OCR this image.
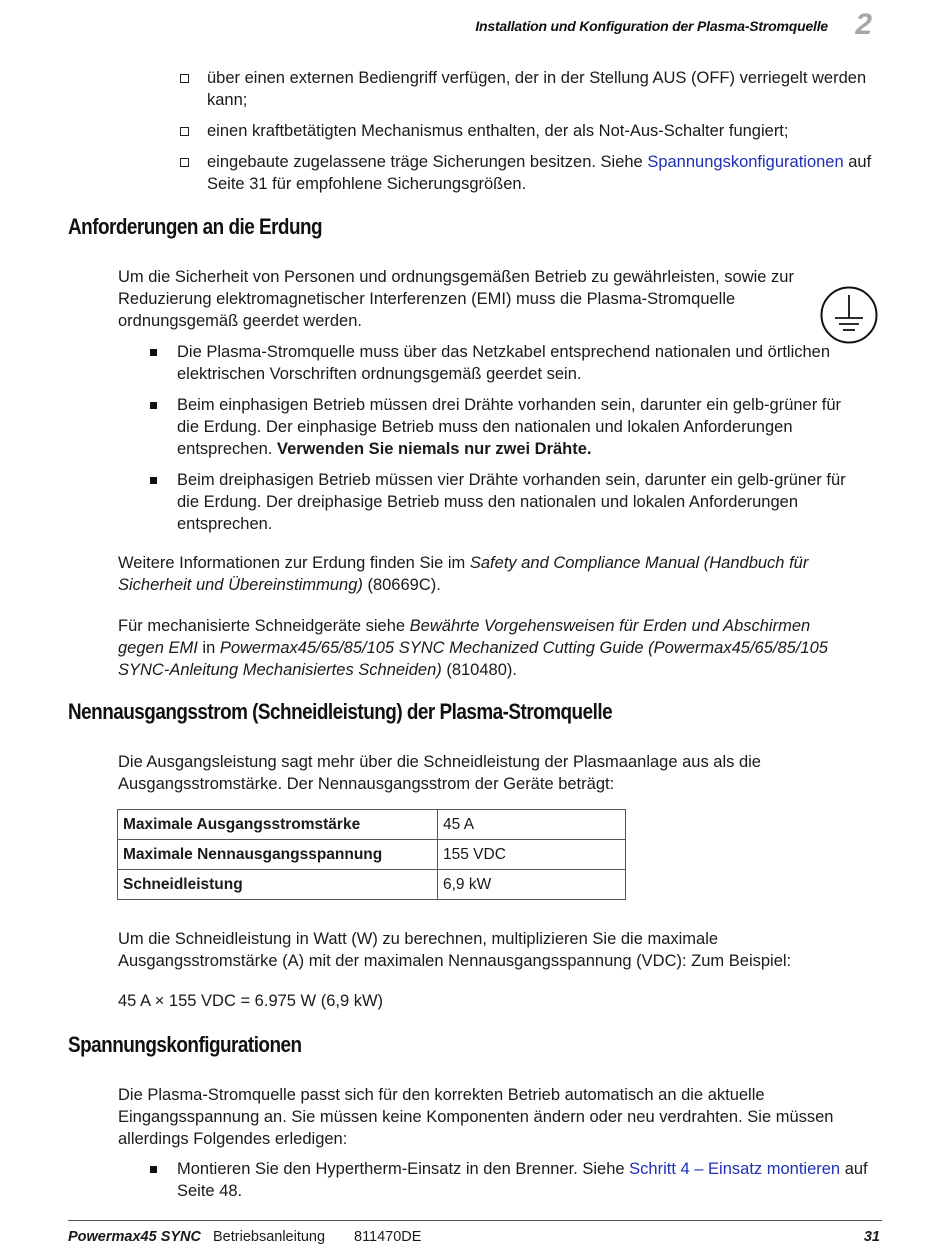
Installation und Konfiguration der Plasma-Stromquelle 2
über einen externen Bediengriff verfügen, der in der Stellung AUS (OFF) verriegelt werden kann;
einen kraftbetätigten Mechanismus enthalten, der als Not-Aus-Schalter fungiert;
eingebaute zugelassene träge Sicherungen besitzen. Siehe Spannungskonfigurationen auf Seite 31 für empfohlene Sicherungsgrößen.
Anforderungen an die Erdung

Um die Sicherheit von Personen und ordnungsgemäßen Betrieb zu gewährleisten, sowie zur Reduzierung elektromagnetischer Interferenzen (EMI) muss die Plasma-Stromquelle ordnungsgemäß geerdet werden.

Die Plasma-Stromquelle muss über das Netzkabel entsprechend nationalen und örtlichen elektrischen Vorschriften ordnungsgemäß geerdet sein.
Beim einphasigen Betrieb müssen drei Drähte vorhanden sein, darunter ein gelb-grüner für die Erdung. Der einphasige Betrieb muss den nationalen und lokalen Anforderungen entsprechen. Verwenden Sie niemals nur zwei Drähte.
Beim dreiphasigen Betrieb müssen vier Drähte vorhanden sein, darunter ein gelb-grüner für die Erdung. Der dreiphasige Betrieb muss den nationalen und lokalen Anforderungen entsprechen.

Weitere Informationen zur Erdung finden Sie im Safety and Compliance Manual (Handbuch für Sicherheit und Übereinstimmung) (80669C).

Für mechanisierte Schneidgeräte siehe Bewährte Vorgehensweisen für Erden und Abschirmen gegen EMI in Powermax45/65/85/105 SYNC Mechanized Cutting Guide (Powermax45/65/85/105 SYNC-Anleitung Mechanisiertes Schneiden) (810480).

Nennausgangsstrom (Schneidleistung) der Plasma-Stromquelle

Die Ausgangsleistung sagt mehr über die Schneidleistung der Plasmaanlage aus als die Ausgangsstromstärke. Der Nennausgangsstrom der Geräte beträgt:

Maximale Ausgangsstromstärke	45 A
Maximale Nennausgangsspannung	155 VDC
Schneidleistung	6,9 kW

Um die Schneidleistung in Watt (W) zu berechnen, multiplizieren Sie die maximale Ausgangsstromstärke (A) mit der maximalen Nennausgangsspannung (VDC): Zum Beispiel:

45 A × 155 VDC = 6.975 W (6,9 kW)

Spannungskonfigurationen

Die Plasma-Stromquelle passt sich für den korrekten Betrieb automatisch an die aktuelle Eingangsspannung an. Sie müssen keine Komponenten ändern oder neu verdrahten. Sie müssen allerdings Folgendes erledigen:

Montieren Sie den Hypertherm-Einsatz in den Brenner. Siehe Schritt 4 – Einsatz montieren auf Seite 48.
Powermax45 SYNC Betriebsanleitung 811470DE	31
